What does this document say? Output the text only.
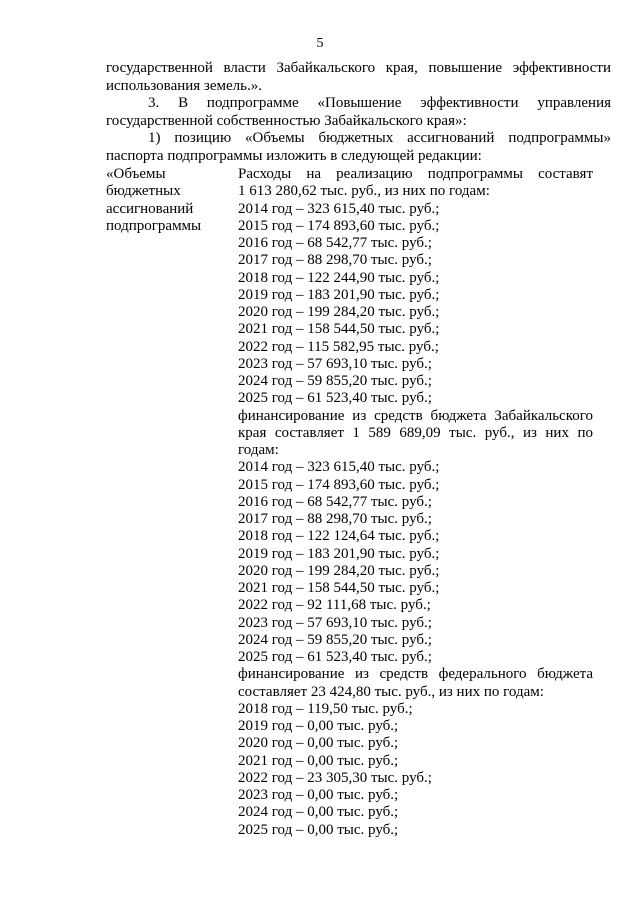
5

государственной власти Забайкальского края, повышение эффективности

использования земель.».

3. В подпрограмме «Повышение эффективности управления

государственной собственностью Забайкальского края»:

1) позицию «Объемы бюджетных ассигнований подпрограммы»

паспорта подпрограммы изложить в следующей редакции:

«Объемы
бюджетных
ассигнований
подпрограммы
Расходы на реализацию подпрограммы составят
1 613 280,62 тыс. руб., из них по годам:
2014 год – 323 615,40 тыс. руб.;
2015 год – 174 893,60 тыс. руб.;
2016 год – 68 542,77 тыс. руб.;
2017 год – 88 298,70 тыс. руб.;
2018 год – 122 244,90 тыс. руб.;
2019 год – 183 201,90 тыс. руб.;
2020 год – 199 284,20 тыс. руб.;
2021 год – 158 544,50 тыс. руб.;
2022 год – 115 582,95 тыс. руб.;
2023 год – 57 693,10 тыс. руб.;
2024 год – 59 855,20 тыс. руб.;
2025 год – 61 523,40 тыс. руб.;
финансирование из средств бюджета Забайкальского
края составляет 1 589 689,09 тыс. руб., из них по
годам:
2014 год – 323 615,40 тыс. руб.;
2015 год – 174 893,60 тыс. руб.;
2016 год – 68 542,77 тыс. руб.;
2017 год – 88 298,70 тыс. руб.;
2018 год – 122 124,64 тыс. руб.;
2019 год – 183 201,90 тыс. руб.;
2020 год – 199 284,20 тыс. руб.;
2021 год – 158 544,50 тыс. руб.;
2022 год – 92 111,68 тыс. руб.;
2023 год – 57 693,10 тыс. руб.;
2024 год – 59 855,20 тыс. руб.;
2025 год – 61 523,40 тыс. руб.;
финансирование из средств федерального бюджета
составляет 23 424,80 тыс. руб., из них по годам:
2018 год – 119,50 тыс. руб.;
2019 год – 0,00 тыс. руб.;
2020 год – 0,00 тыс. руб.;
2021 год – 0,00 тыс. руб.;
2022 год – 23 305,30 тыс. руб.;
2023 год – 0,00 тыс. руб.;
2024 год – 0,00 тыс. руб.;
2025 год – 0,00 тыс. руб.;
